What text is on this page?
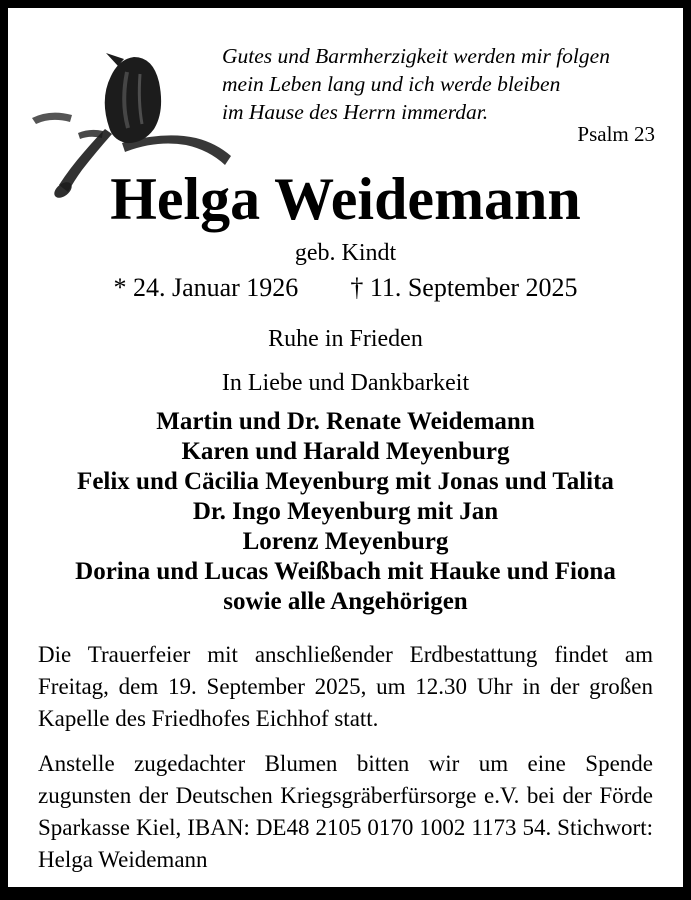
Gutes und Barmherzigkeit werden mir folgen
mein Leben lang und ich werde bleiben
im Hause des Herrn immerdar.
Psalm 23
Helga Weidemann
geb. Kindt
* 24. Januar 1926 † 11. September 2025
Ruhe in Frieden
In Liebe und Dankbarkeit
Martin und Dr. Renate Weidemann
Karen und Harald Meyenburg
Felix und Cäcilia Meyenburg mit Jonas und Talita
Dr. Ingo Meyenburg mit Jan
Lorenz Meyenburg
Dorina und Lucas Weißbach mit Hauke und Fiona
sowie alle Angehörigen
Die Trauerfeier mit anschließender Erdbestattung findet am Freitag, dem 19. September 2025, um 12.30 Uhr in der großen Kapelle des Friedhofes Eichhof statt.
Anstelle zugedachter Blumen bitten wir um eine Spende zugunsten der Deutschen Kriegsgräberfürsorge e.V. bei der Förde Sparkasse Kiel, IBAN: DE48 2105 0170 1002 1173 54. Stichwort: Helga Weidemann
